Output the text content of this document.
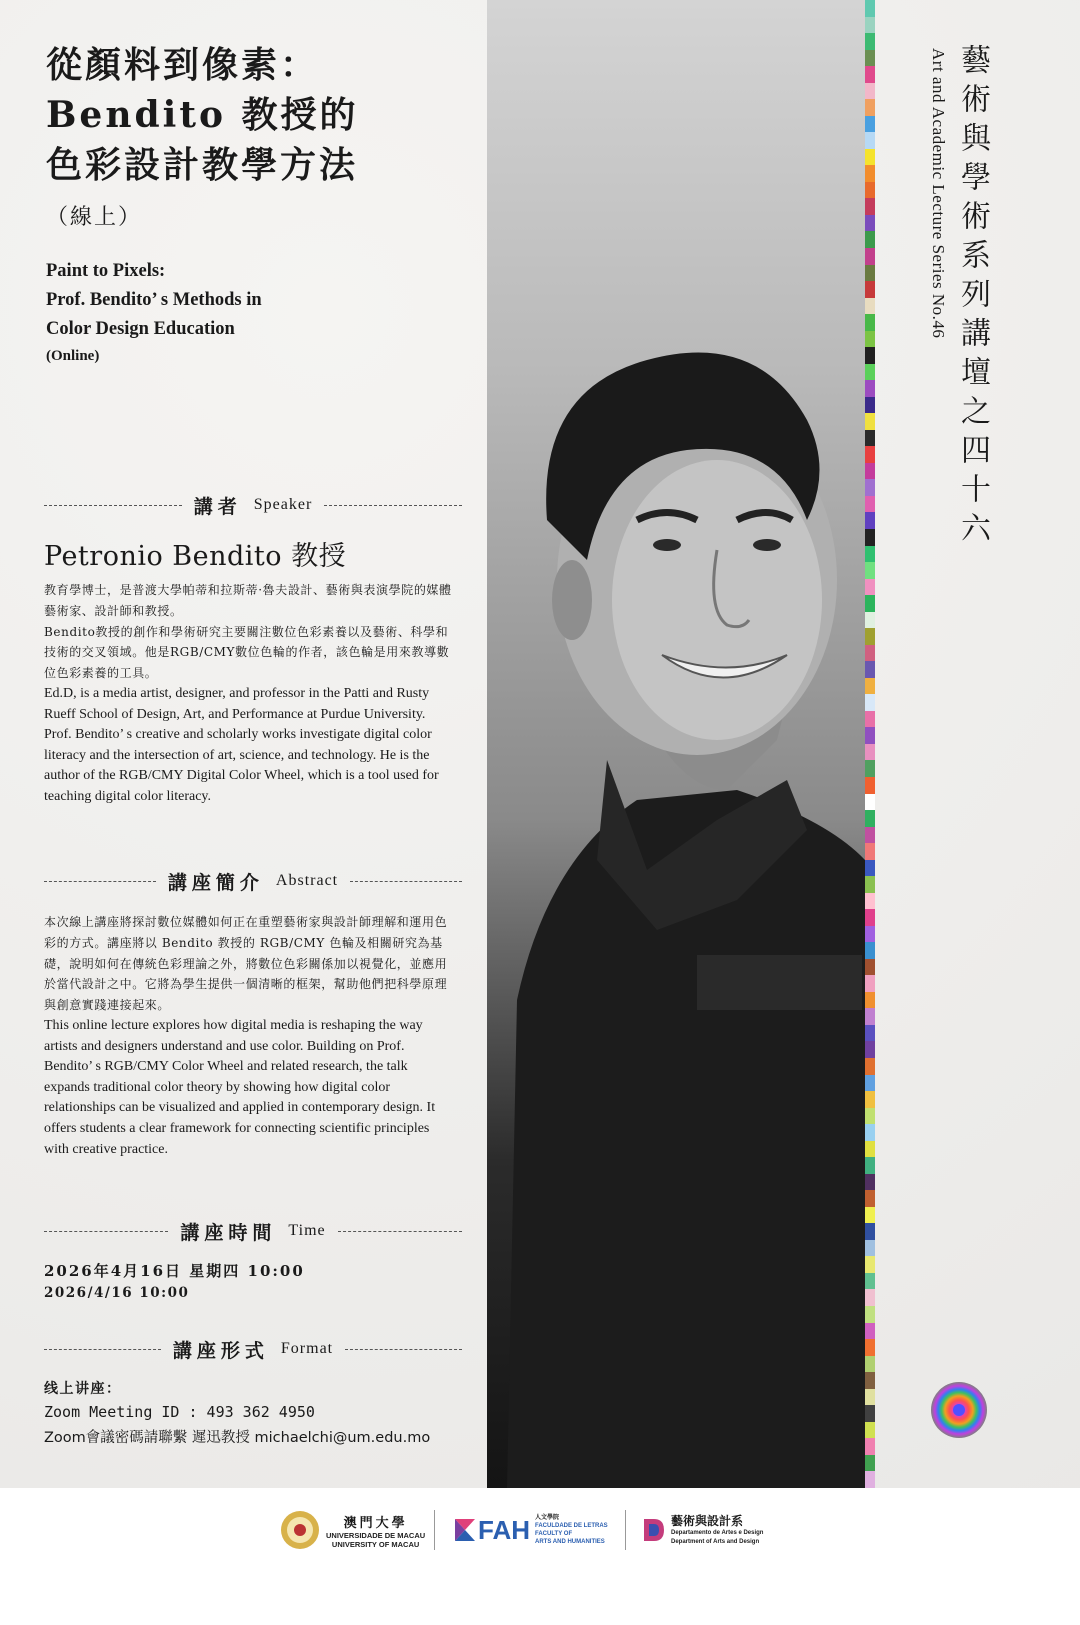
從顏料到像素：
Bendito 教授的
色彩設計教學方法
（線上）
Paint to Pixels:
Prof. Bendito’ s Methods in
Color Design Education
(Online)
講者 Speaker
Petronio Bendito 教授
教育學博士，是普渡大學帕蒂和拉斯蒂·魯夫設計、藝術與表演學院的媒體藝術家、設計師和教授。
Bendito教授的創作和學術研究主要關注數位色彩素養以及藝術、科學和技術的交叉領域。他是RGB/CMY數位色輪的作者，該色輪是用來教導數位色彩素養的工具。
Ed.D, is a media artist, designer, and professor in the Patti and Rusty Rueff School of Design, Art, and Performance at Purdue University. Prof. Bendito’ s creative and scholarly works investigate digital color literacy and the intersection of art, science, and technology. He is the author of the RGB/CMY Digital Color Wheel, which is a tool used for teaching digital color literacy.
講座簡介 Abstract
本次線上講座將探討數位媒體如何正在重塑藝術家與設計師理解和運用色彩的方式。講座將以 Bendito 教授的 RGB/CMY 色輪及相關研究為基礎，說明如何在傳統色彩理論之外，將數位色彩關係加以視覺化，並應用於當代設計之中。它將為學生提供一個清晰的框架，幫助他們把科學原理與創意實踐連接起來。
This online lecture explores how digital media is reshaping the way artists and designers understand and use color. Building on Prof. Bendito’ s RGB/CMY Color Wheel and related research, the talk expands traditional color theory by showing how digital color relationships can be visualized and applied in contemporary design. It offers students a clear framework for connecting scientific principles with creative practice.
講座時間 Time
2026年4月16日 星期四 10:00
2026/4/16 10:00
講座形式 Format
线上讲座：
Zoom Meeting ID : 493 362 4950
Zoom會議密碼請聯繫 遲迅教授 michaelchi@um.edu.mo
藝術與學術系列講壇之四十六
Art and Academic Lecture Series No.46
澳門大學
UNIVERSIDADE DE MACAU
UNIVERSITY OF MACAU FAH 人文學院
FACULDADE DE LETRAS
FACULTY OF
ARTS AND HUMANITIES
藝術與設計系
Departamento de Artes e Design
Department of Arts and Design
